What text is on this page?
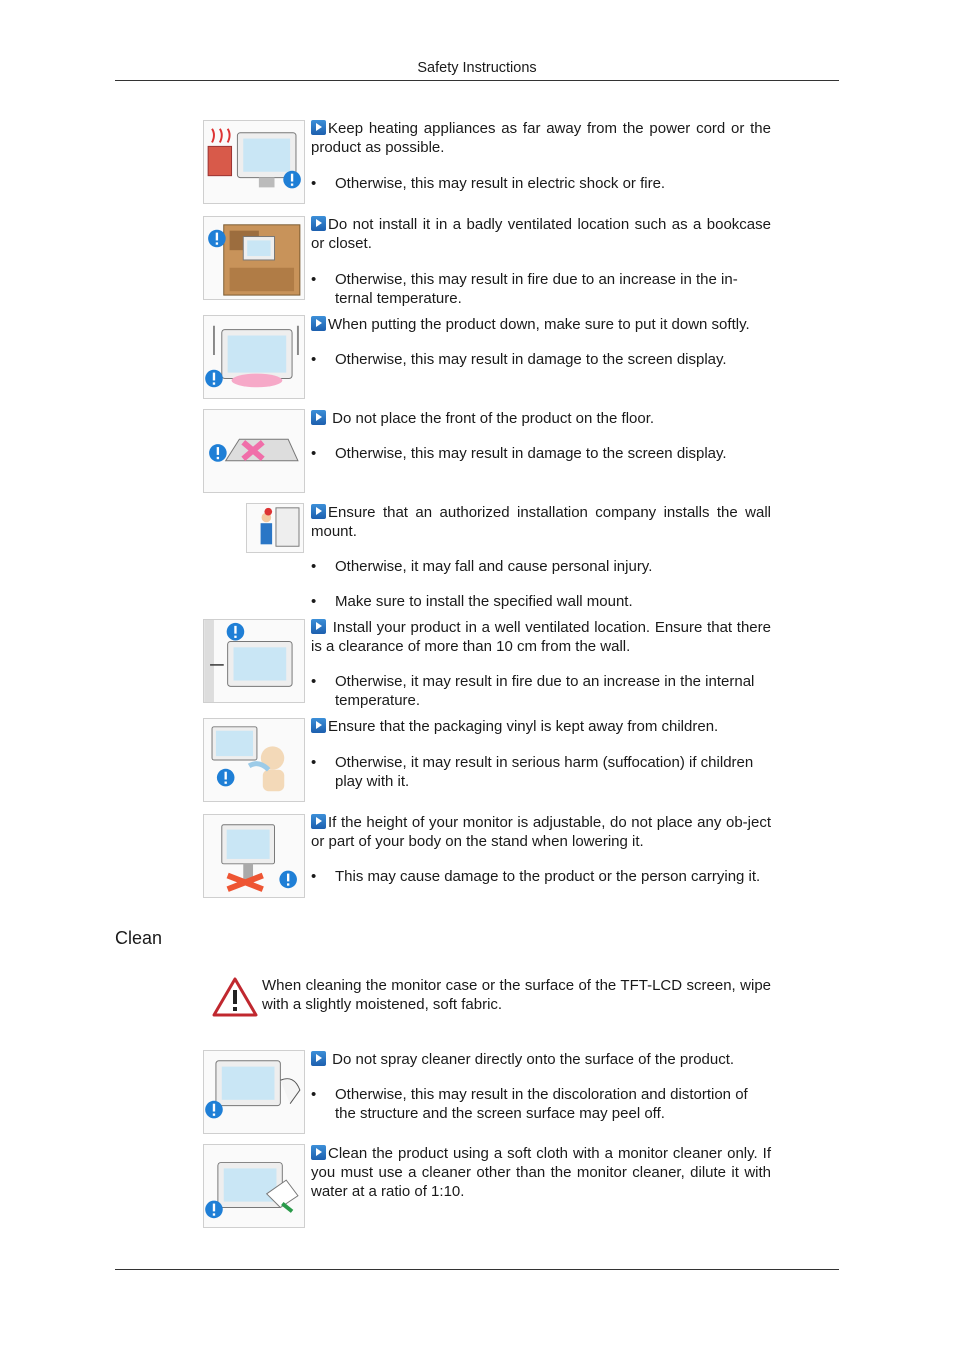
Safety Instructions

Keep heating appliances as far away from the power cord or the product as possible.

• Otherwise, this may result in electric shock or fire.

Do not install it in a badly ventilated location such as a bookcase or closet.

• Otherwise, this may result in fire due to an increase in the in-ternal temperature.

When putting the product down, make sure to put it down softly.

• Otherwise, this may result in damage to the screen display.

Do not place the front of the product on the floor.

• Otherwise, this may result in damage to the screen display.

Ensure that an authorized installation company installs the wall mount.

• Otherwise, it may fall and cause personal injury.

• Make sure to install the specified wall mount.

Install your product in a well ventilated location. Ensure that there is a clearance of more than 10 cm from the wall.

• Otherwise, it may result in fire due to an increase in the internal temperature.

Ensure that the packaging vinyl is kept away from children.

• Otherwise, it may result in serious harm (suffocation) if children play with it.

If the height of your monitor is adjustable, do not place any ob-ject or part of your body on the stand when lowering it.

• This may cause damage to the product or the person carrying it.

Clean
When cleaning the monitor case or the surface of the TFT-LCD screen, wipe with a slightly moistened, soft fabric.

Do not spray cleaner directly onto the surface of the product.

• Otherwise, this may result in the discoloration and distortion of the structure and the screen surface may peel off.

Clean the product using a soft cloth with a monitor cleaner only. If you must use a cleaner other than the monitor cleaner, dilute it with water at a ratio of 1:10.
